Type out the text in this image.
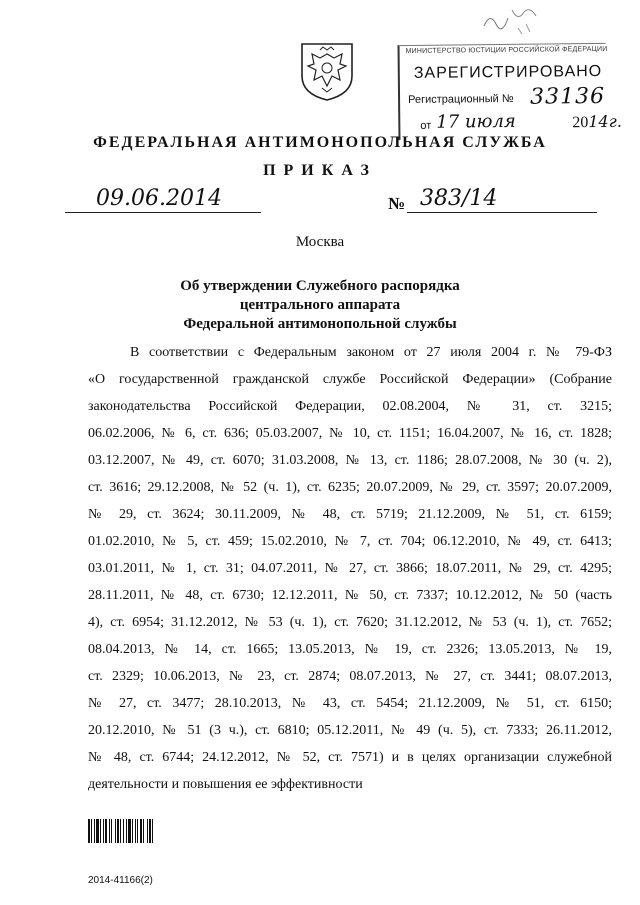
МИНИСТЕРСТВО ЮСТИЦИИ РОССИЙСКОЙ ФЕДЕРАЦИИ
ЗАРЕГИСТРИРОВАНО
Регистрационный № 33136
от 17 июля	2014г.
ФЕДЕРАЛЬНАЯ АНТИМОНОПОЛЬНАЯ СЛУЖБА
ПРИКАЗ
09.06.2014	№ 383/14
Москва
Об утверждении Служебного распорядка
центрального аппарата
Федеральной антимонопольной службы
В соответствии с Федеральным законом от 27 июля 2004 г. № 79-ФЗ
«О государственной гражданской службе Российской Федерации» (Собрание
законодательства Российской Федерации, 02.08.2004, № 31, ст. 3215;
06.02.2006, № 6, ст. 636; 05.03.2007, № 10, ст. 1151; 16.04.2007, № 16, ст. 1828;
03.12.2007, № 49, ст. 6070; 31.03.2008, № 13, ст. 1186; 28.07.2008, № 30 (ч. 2),
ст. 3616; 29.12.2008, № 52 (ч. 1), ст. 6235; 20.07.2009, № 29, ст. 3597; 20.07.2009,
№ 29, ст. 3624; 30.11.2009, № 48, ст. 5719; 21.12.2009, № 51, ст. 6159;
01.02.2010, № 5, ст. 459; 15.02.2010, № 7, ст. 704; 06.12.2010, № 49, ст. 6413;
03.01.2011, № 1, ст. 31; 04.07.2011, № 27, ст. 3866; 18.07.2011, № 29, ст. 4295;
28.11.2011, № 48, ст. 6730; 12.12.2011, № 50, ст. 7337; 10.12.2012, № 50 (часть
4), ст. 6954; 31.12.2012, № 53 (ч. 1), ст. 7620; 31.12.2012, № 53 (ч. 1), ст. 7652;
08.04.2013, № 14, ст. 1665; 13.05.2013, № 19, ст. 2326; 13.05.2013, № 19,
ст. 2329; 10.06.2013, № 23, ст. 2874; 08.07.2013, № 27, ст. 3441; 08.07.2013,
№ 27, ст. 3477; 28.10.2013, № 43, ст. 5454; 21.12.2009, № 51, ст. 6150;
20.12.2010, № 51 (3 ч.), ст. 6810; 05.12.2011, № 49 (ч. 5), ст. 7333; 26.11.2012,
№ 48, ст. 6744; 24.12.2012, № 52, ст. 7571) и в целях организации служебной
деятельности и повышения ее эффективности
2014-41166(2)
